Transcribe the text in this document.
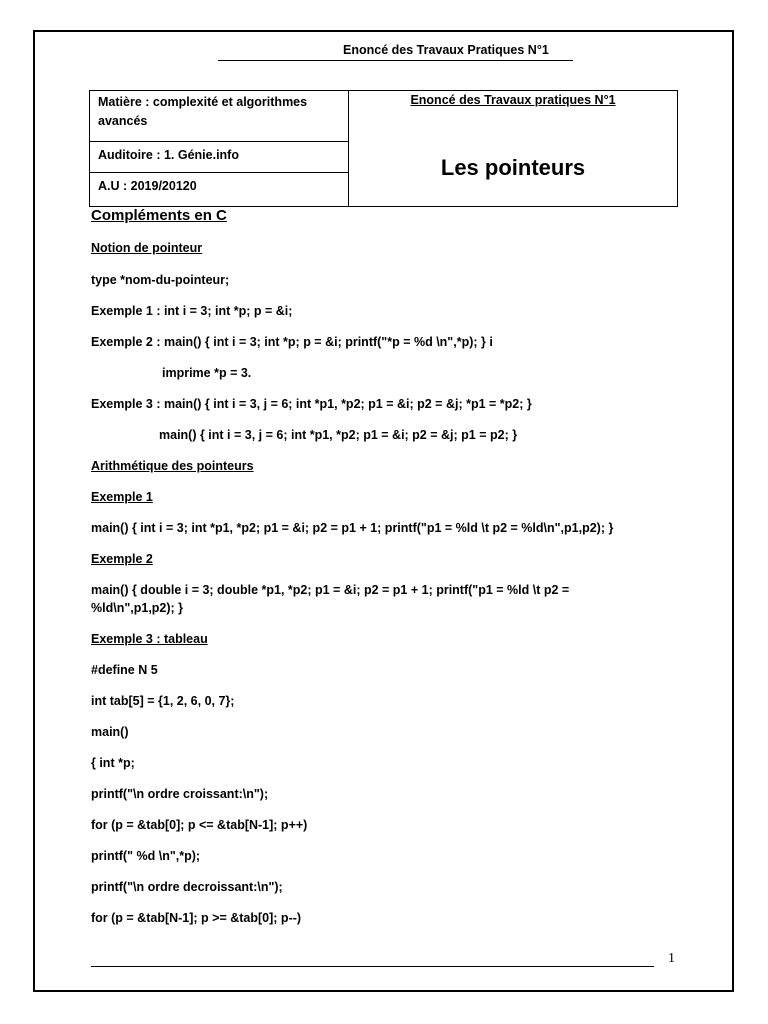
Enoncé des Travaux Pratiques N°1
Matière : complexité et algorithmes avancés

Enoncé des Travaux pratiques N°1
Les pointeurs

Auditoire : 1. Génie.info

A.U : 2019/20120
Compléments en C
Notion de pointeur
type *nom-du-pointeur;
Exemple 1 : int i = 3; int *p; p = &i;
Exemple 2 : main() { int i = 3; int *p; p = &i; printf("*p = %d \n",*p); } i
imprime *p = 3.
Exemple 3 : main() { int i = 3, j = 6; int *p1, *p2; p1 = &i; p2 = &j; *p1 = *p2; }
main() { int i = 3, j = 6; int *p1, *p2; p1 = &i; p2 = &j; p1 = p2; }
Arithmétique des pointeurs
Exemple 1
main() { int i = 3; int *p1, *p2; p1 = &i; p2 = p1 + 1; printf("p1 = %ld \t p2 = %ld\n",p1,p2); }
Exemple 2
main() { double i = 3; double *p1, *p2; p1 = &i; p2 = p1 + 1; printf("p1 = %ld \t p2 =
%ld\n",p1,p2); }
Exemple 3 : tableau
#define N 5
int tab[5] = {1, 2, 6, 0, 7};
main()
{ int *p;
printf("\n ordre croissant:\n");
for (p = &tab[0]; p <= &tab[N-1]; p++)
printf(" %d \n",*p);
printf("\n ordre decroissant:\n");
for (p = &tab[N-1]; p >= &tab[0]; p--)
1
